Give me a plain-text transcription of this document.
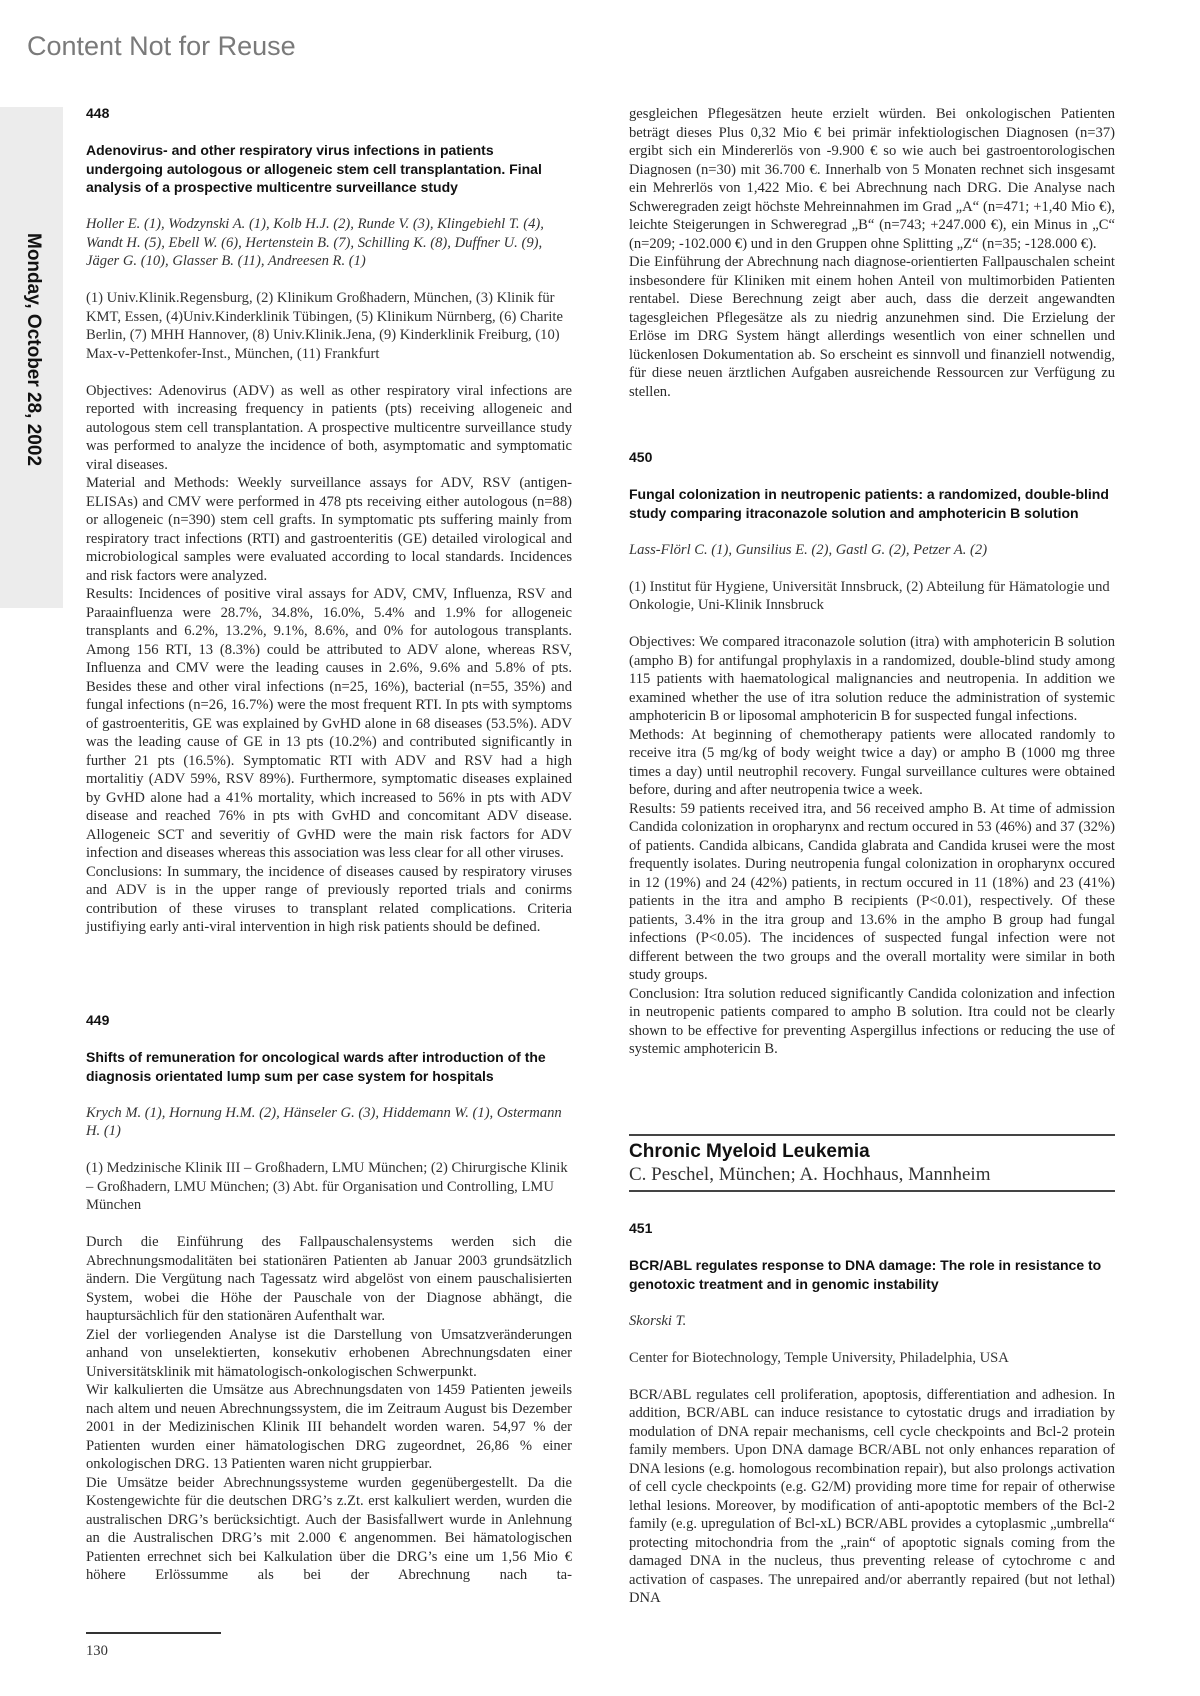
Content Not for Reuse
Monday, October 28, 2002
448
Adenovirus- and other respiratory virus infections in patients undergoing autologous or allogeneic stem cell transplantation. Final analysis of a prospective multicentre surveillance study
Holler E. (1), Wodzynski A. (1), Kolb H.J. (2), Runde V. (3), Klingebiehl T. (4), Wandt H. (5), Ebell W. (6), Hertenstein B. (7), Schilling K. (8), Duffner U. (9), Jäger G. (10), Glasser B. (11), Andreesen R. (1)
(1) Univ.Klinik.Regensburg, (2) Klinikum Großhadern, München, (3) Klinik für KMT, Essen, (4)Univ.Kinderklinik Tübingen, (5) Klinikum Nürnberg, (6) Charite Berlin, (7) MHH Hannover, (8) Univ.Klinik.Jena, (9) Kinderklinik Freiburg, (10) Max-v-Pettenkofer-Inst., München, (11) Frankfurt

Objectives: Adenovirus (ADV) as well as other respiratory viral infections are reported with increasing frequency in patients (pts) receiving allogeneic and autologous stem cell transplantation. A prospective multicentre surveillance study was performed to analyze the incidence of both, asymptomatic and symptomatic viral diseases.

Material and Methods: Weekly surveillance assays for ADV, RSV (antigen-ELISAs) and CMV were performed in 478 pts receiving either autologous (n=88) or allogeneic (n=390) stem cell grafts. In symptomatic pts suffering mainly from respiratory tract infections (RTI) and gastroenteritis (GE) detailed virological and microbiological samples were evaluated according to local standards. Incidences and risk factors were analyzed.

Results: Incidences of positive viral assays for ADV, CMV, Influenza, RSV and Paraainfluenza were 28.7%, 34.8%, 16.0%, 5.4% and 1.9% for allogeneic transplants and 6.2%, 13.2%, 9.1%, 8.6%, and 0% for autologous transplants. Among 156 RTI, 13 (8.3%) could be attributed to ADV alone, whereas RSV, Influenza and CMV were the leading causes in 2.6%, 9.6% and 5.8% of pts. Besides these and other viral infections (n=25, 16%), bacterial (n=55, 35%) and fungal infections (n=26, 16.7%) were the most frequent RTI. In pts with symptoms of gastroenteritis, GE was explained by GvHD alone in 68 diseases (53.5%). ADV was the leading cause of GE in 13 pts (10.2%) and contributed significantly in further 21 pts (16.5%). Symptomatic RTI with ADV and RSV had a high mortalitiy (ADV 59%, RSV 89%). Furthermore, symptomatic diseases explained by GvHD alone had a 41% mortality, which increased to 56% in pts with ADV disease and reached 76% in pts with GvHD and concomitant ADV disease. Allogeneic SCT and severitiy of GvHD were the main risk factors for ADV infection and diseases whereas this association was less clear for all other viruses.

Conclusions: In summary, the incidence of diseases caused by respiratory viruses and ADV is in the upper range of previously reported trials and conirms contribution of these viruses to transplant related complications. Criteria justifiying early anti-viral intervention in high risk patients should be defined.

449
Shifts of remuneration for oncological wards after introduction of the diagnosis orientated lump sum per case system for hospitals
Krych M. (1), Hornung H.M. (2), Hänseler G. (3), Hiddemann W. (1), Ostermann H. (1)
(1) Medzinische Klinik III – Großhadern, LMU München; (2) Chirurgische Klinik – Großhadern, LMU München; (3) Abt. für Organisation und Controlling, LMU München

Durch die Einführung des Fallpauschalensystems werden sich die Abrechnungsmodalitäten bei stationären Patienten ab Januar 2003 grundsätzlich ändern. Die Vergütung nach Tagessatz wird abgelöst von einem pauschalisierten System, wobei die Höhe der Pauschale von der Diagnose abhängt, die hauptursächlich für den stationären Aufenthalt war.

Ziel der vorliegenden Analyse ist die Darstellung von Umsatzveränderungen anhand von unselektierten, konsekutiv erhobenen Abrechnungsdaten einer Universitätsklinik mit hämatologisch-onkologischen Schwerpunkt.

Wir kalkulierten die Umsätze aus Abrechnungsdaten von 1459 Patienten jeweils nach altem und neuen Abrechnungssystem, die im Zeitraum August bis Dezember 2001 in der Medizinischen Klinik III behandelt worden waren. 54,97 % der Patienten wurden einer hämatologischen DRG zugeordnet, 26,86 % einer onkologischen DRG. 13 Patienten waren nicht gruppierbar.

Die Umsätze beider Abrechnungssysteme wurden gegenübergestellt. Da die Kostengewichte für die deutschen DRG’s z.Zt. erst kalkuliert werden, wurden die australischen DRG’s berücksichtigt. Auch der Basisfallwert wurde in Anlehnung an die Australischen DRG’s mit 2.000 € angenommen. Bei hämatologischen Patienten errechnet sich bei Kalkulation über die DRG’s eine um 1,56 Mio € höhere Erlössumme als bei der Abrechnung nach ta-

gesgleichen Pflegesätzen heute erzielt würden. Bei onkologischen Patienten beträgt dieses Plus 0,32 Mio € bei primär infektiologischen Diagnosen (n=37) ergibt sich ein Mindererlös von -9.900 € so wie auch bei gastroentorologischen Diagnosen (n=30) mit 36.700 €. Innerhalb von 5 Monaten rechnet sich insgesamt ein Mehrerlös von 1,422 Mio. € bei Abrechnung nach DRG. Die Analyse nach Schweregraden zeigt höchste Mehreinnahmen im Grad „A“ (n=471; +1,40 Mio €), leichte Steigerungen in Schweregrad „B“ (n=743; +247.000 €), ein Minus in „C“ (n=209; -102.000 €) und in den Gruppen ohne Splitting „Z“ (n=35; -128.000 €).

Die Einführung der Abrechnung nach diagnose-orientierten Fallpauschalen scheint insbesondere für Kliniken mit einem hohen Anteil von multimorbiden Patienten rentabel. Diese Berechnung zeigt aber auch, dass die derzeit angewandten tagesgleichen Pflegesätze als zu niedrig anzunehmen sind. Die Erzielung der Erlöse im DRG System hängt allerdings wesentlich von einer schnellen und lückenlosen Dokumentation ab. So erscheint es sinnvoll und finanziell notwendig, für diese neuen ärztlichen Aufgaben ausreichende Ressourcen zur Verfügung zu stellen.

450
Fungal colonization in neutropenic patients: a randomized, double-blind study comparing itraconazole solution and amphotericin B solution
Lass-Flörl C. (1), Gunsilius E. (2), Gastl G. (2), Petzer A. (2)
(1) Institut für Hygiene, Universität Innsbruck, (2) Abteilung für Hämatologie und Onkologie, Uni-Klinik Innsbruck

Objectives: We compared itraconazole solution (itra) with amphotericin B solution (ampho B) for antifungal prophylaxis in a randomized, double-blind study among 115 patients with haematological malignancies and neutropenia. In addition we examined whether the use of itra solution reduce the administration of systemic amphotericin B or liposomal amphotericin B for suspected fungal infections.

Methods: At beginning of chemotherapy patients were allocated randomly to receive itra (5 mg/kg of body weight twice a day) or ampho B (1000 mg three times a day) until neutrophil recovery. Fungal surveillance cultures were obtained before, during and after neutropenia twice a week.

Results: 59 patients received itra, and 56 received ampho B. At time of admission Candida colonization in oropharynx and rectum occured in 53 (46%) and 37 (32%) of patients. Candida albicans, Candida glabrata and Candida krusei were the most frequently isolates. During neutropenia fungal colonization in oropharynx occured in 12 (19%) and 24 (42%) patients, in rectum occured in 11 (18%) and 23 (41%) patients in the itra and ampho B recipients (P<0.01), respectively. Of these patients, 3.4% in the itra group and 13.6% in the ampho B group had fungal infections (P<0.05). The incidences of suspected fungal infection were not different between the two groups and the overall mortality were similar in both study groups.

Conclusion: Itra solution reduced significantly Candida colonization and infection in neutropenic patients compared to ampho B solution. Itra could not be clearly shown to be effective for preventing Aspergillus infections or reducing the use of systemic amphotericin B.

Chronic Myeloid Leukemia
C. Peschel, München; A. Hochhaus, Mannheim
451
BCR/ABL regulates response to DNA damage: The role in resistance to genotoxic treatment and in genomic instability
Skorski T.
Center for Biotechnology, Temple University, Philadelphia, USA

BCR/ABL regulates cell proliferation, apoptosis, differentiation and adhesion. In addition, BCR/ABL can induce resistance to cytostatic drugs and irradiation by modulation of DNA repair mechanisms, cell cycle checkpoints and Bcl-2 protein family members. Upon DNA damage BCR/ABL not only enhances reparation of DNA lesions (e.g. homologous recombination repair), but also prolongs activation of cell cycle checkpoints (e.g. G2/M) providing more time for repair of otherwise lethal lesions. Moreover, by modification of anti-apoptotic members of the Bcl-2 family (e.g. upregulation of Bcl-xL) BCR/ABL provides a cytoplasmic „umbrella“ protecting mitochondria from the „rain“ of apoptotic signals coming from the damaged DNA in the nucleus, thus preventing release of cytochrome c and activation of caspases. The unrepaired and/or aberrantly repaired (but not lethal) DNA

130
